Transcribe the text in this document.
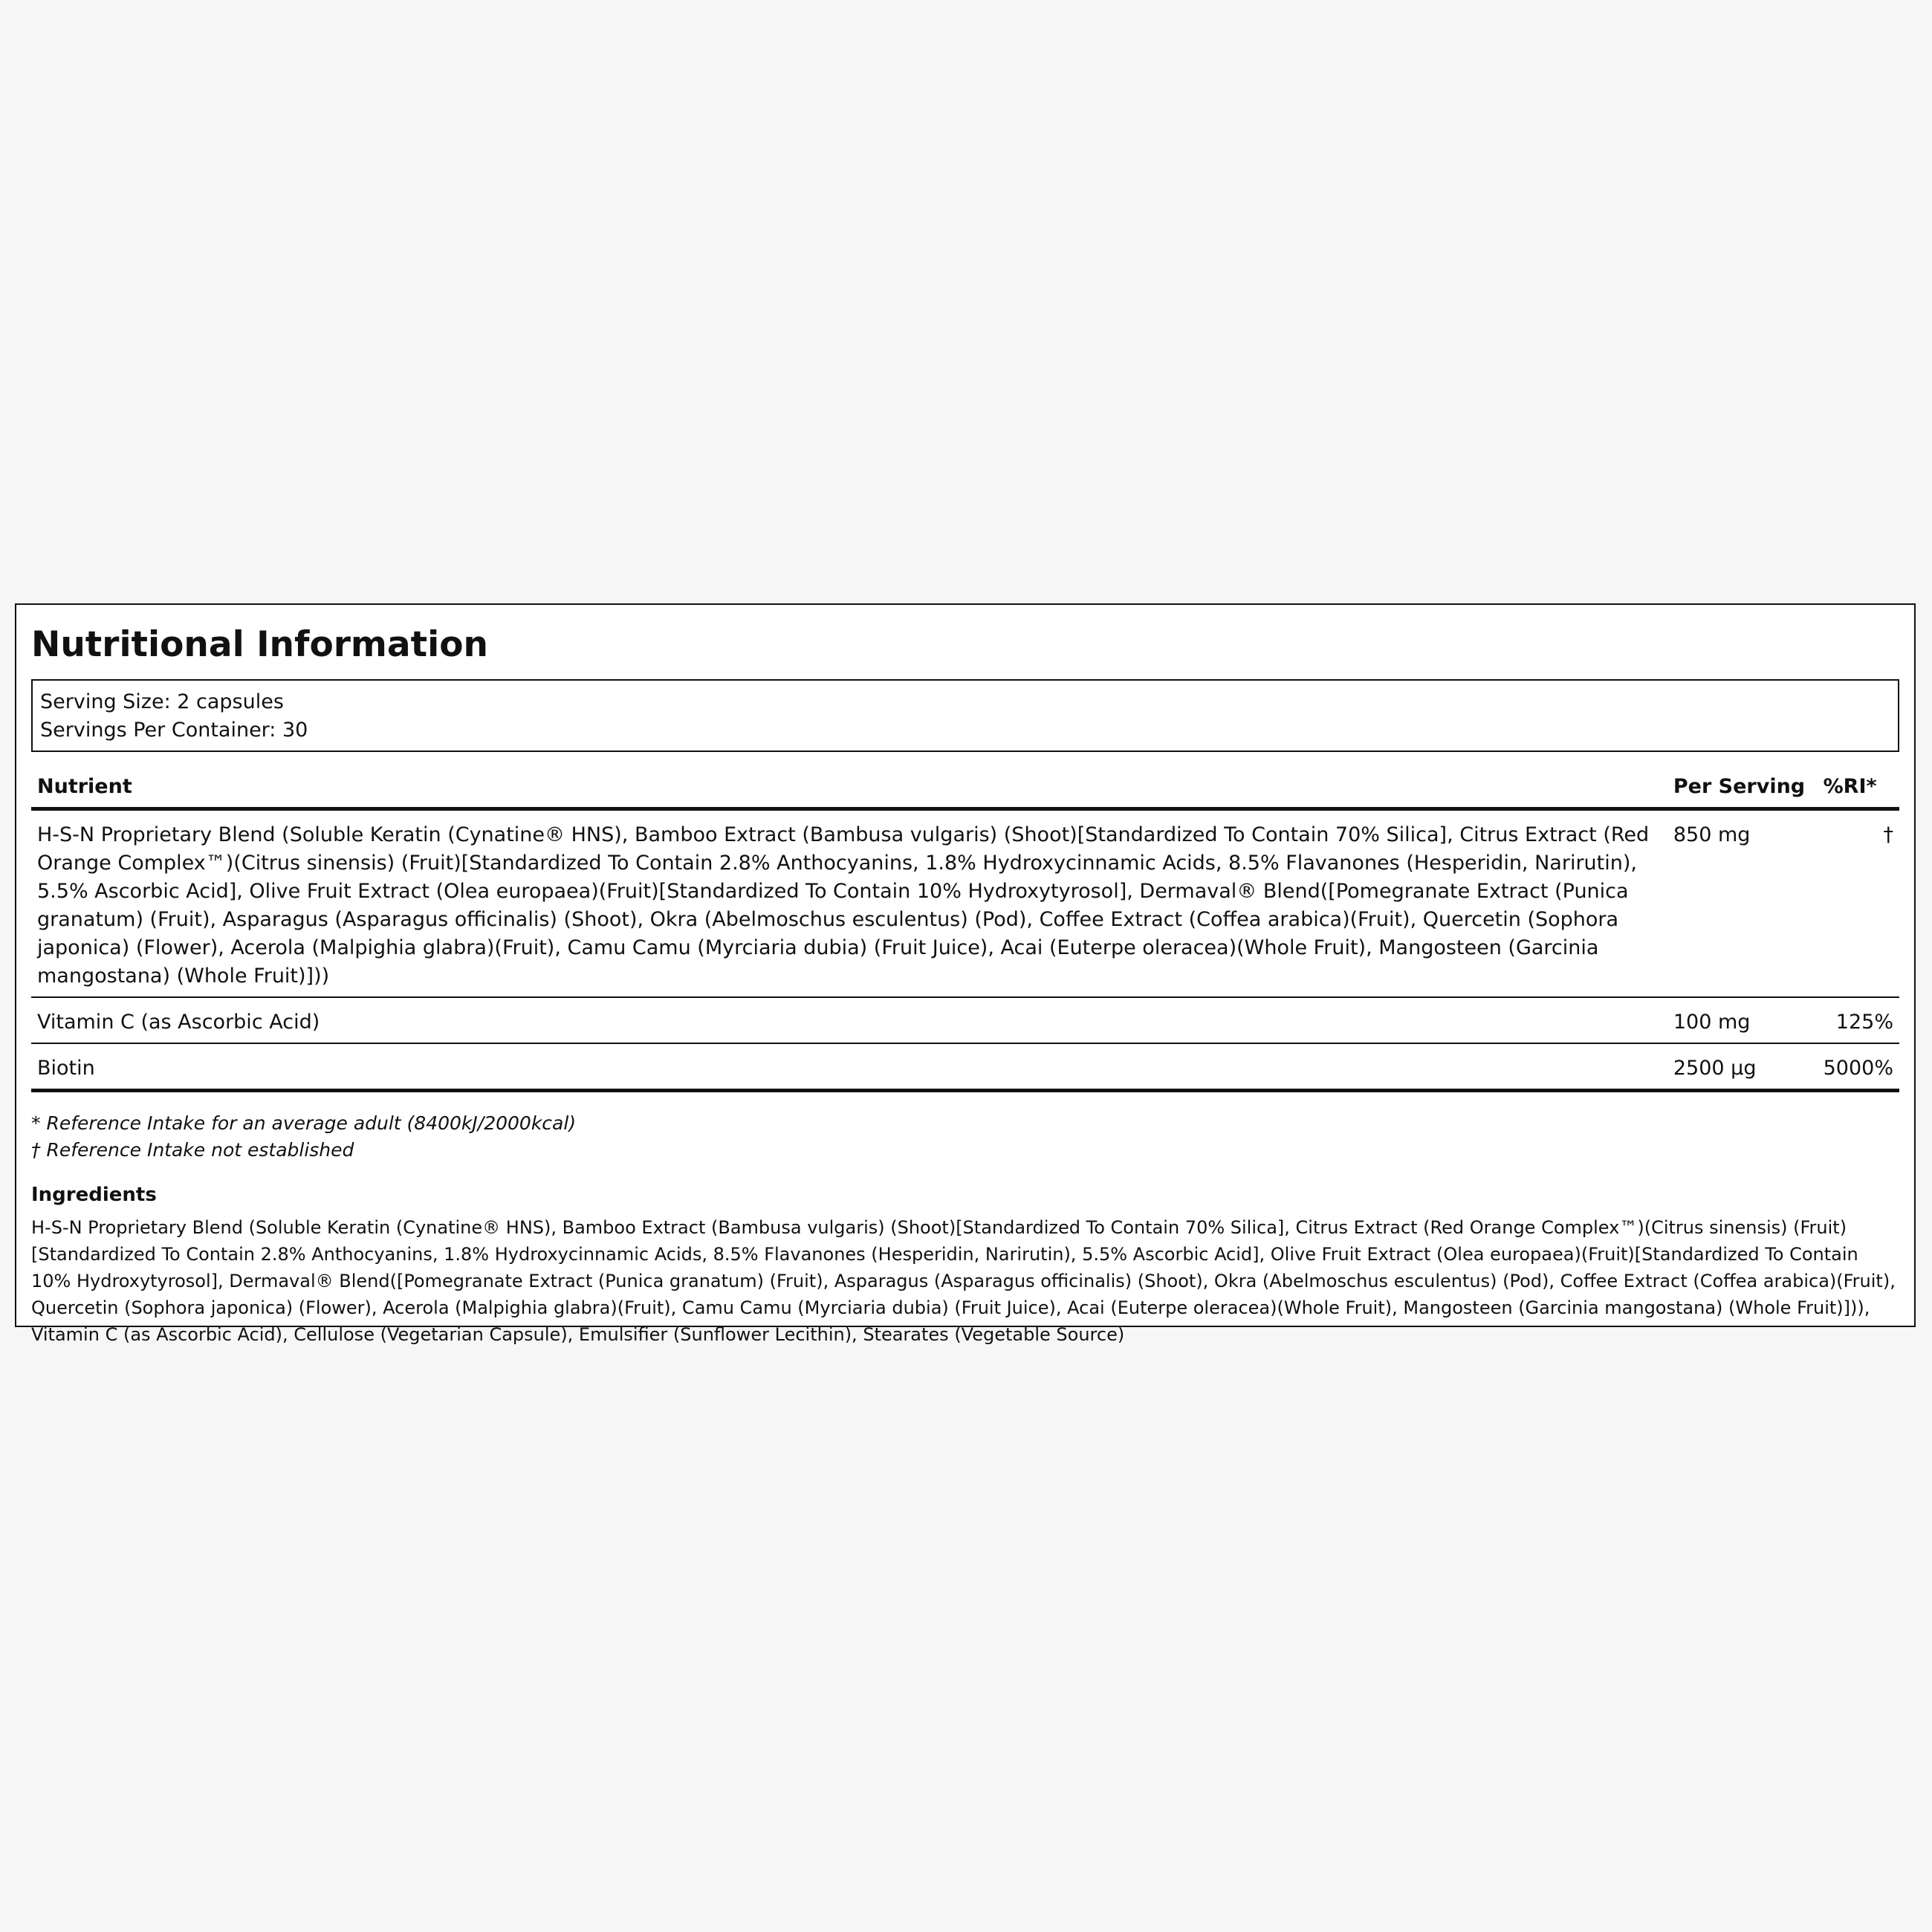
Nutritional Information
Serving Size: 2 capsules
Servings Per Container: 30
Nutrient	Per Serving	%RI*
H-S-N Proprietary Blend (Soluble Keratin (Cynatine® HNS), Bamboo Extract (Bambusa vulgaris) (Shoot)[Standardized To Contain 70% Silica], Citrus Extract (Red Orange Complex™)(Citrus sinensis) (Fruit)[Standardized To Contain 2.8% Anthocyanins, 1.8% Hydroxycinnamic Acids, 8.5% Flavanones (Hesperidin, Narirutin), 5.5% Ascorbic Acid], Olive Fruit Extract (Olea europaea)(Fruit)[Standardized To Contain 10% Hydroxytyrosol], Dermaval® Blend([Pomegranate Extract (Punica granatum) (Fruit), Asparagus (Asparagus officinalis) (Shoot), Okra (Abelmoschus esculentus) (Pod), Coffee Extract (Coffea arabica)(Fruit), Quercetin (Sophora japonica) (Flower), Acerola (Malpighia glabra)(Fruit), Camu Camu (Myrciaria dubia) (Fruit Juice), Acai (Euterpe oleracea)(Whole Fruit), Mangosteen (Garcinia mangostana) (Whole Fruit)]))	850 mg	†
Vitamin C (as Ascorbic Acid)	100 mg	125%
Biotin	2500 µg	5000%
* Reference Intake for an average adult (8400kJ/2000kcal)
† Reference Intake not established
Ingredients
H-S-N Proprietary Blend (Soluble Keratin (Cynatine® HNS), Bamboo Extract (Bambusa vulgaris) (Shoot)[Standardized To Contain 70% Silica], Citrus Extract (Red Orange Complex™)(Citrus sinensis) (Fruit)[Standardized To Contain 2.8% Anthocyanins, 1.8% Hydroxycinnamic Acids, 8.5% Flavanones (Hesperidin, Narirutin), 5.5% Ascorbic Acid], Olive Fruit Extract (Olea europaea)(Fruit)[Standardized To Contain 10% Hydroxytyrosol], Dermaval® Blend([Pomegranate Extract (Punica granatum) (Fruit), Asparagus (Asparagus officinalis) (Shoot), Okra (Abelmoschus esculentus) (Pod), Coffee Extract (Coffea arabica)(Fruit), Quercetin (Sophora japonica) (Flower), Acerola (Malpighia glabra)(Fruit), Camu Camu (Myrciaria dubia) (Fruit Juice), Acai (Euterpe oleracea)(Whole Fruit), Mangosteen (Garcinia mangostana) (Whole Fruit)])), Vitamin C (as Ascorbic Acid), Cellulose (Vegetarian Capsule), Emulsifier (Sunflower Lecithin), Stearates (Vegetable Source)
